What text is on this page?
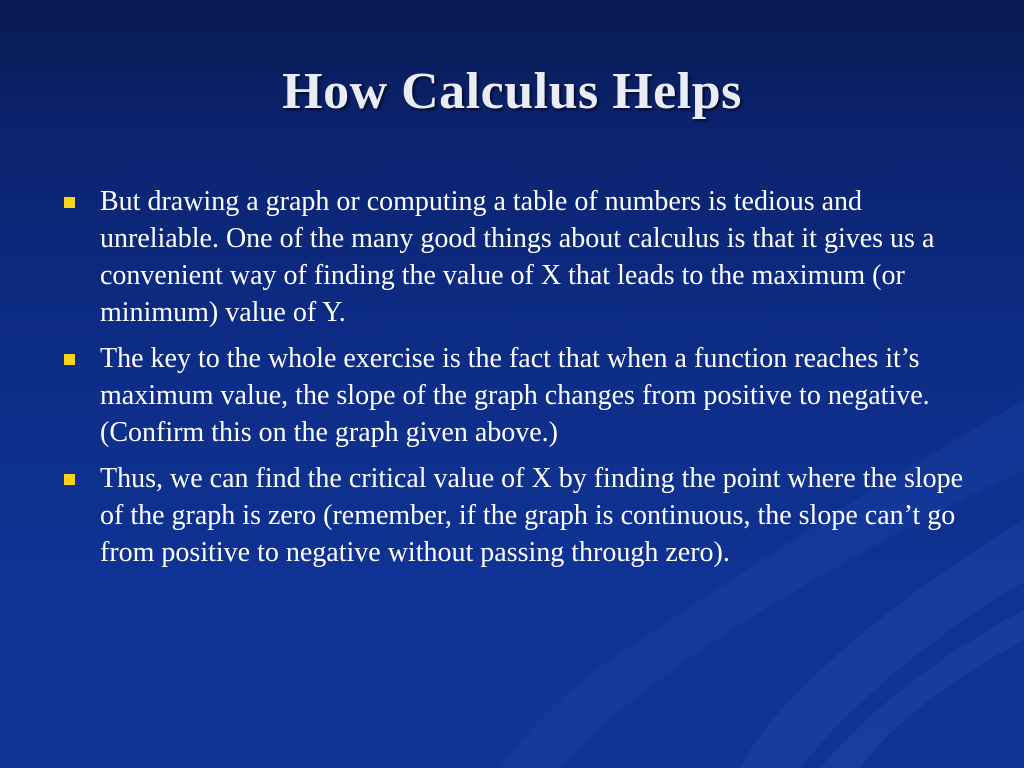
How Calculus Helps
But drawing a graph or computing a table of numbers is tedious and unreliable. One of the many good things about calculus is that it gives us a convenient way of finding the value of X that leads to the maximum (or minimum) value of Y.
The key to the whole exercise is the fact that when a function reaches it’s maximum value, the slope of the graph changes from positive to negative. (Confirm this on the graph given above.)
Thus, we can find the critical value of X by finding the point where the slope of the graph is zero (remember, if the graph is continuous, the slope can’t go from positive to negative without passing through zero).
